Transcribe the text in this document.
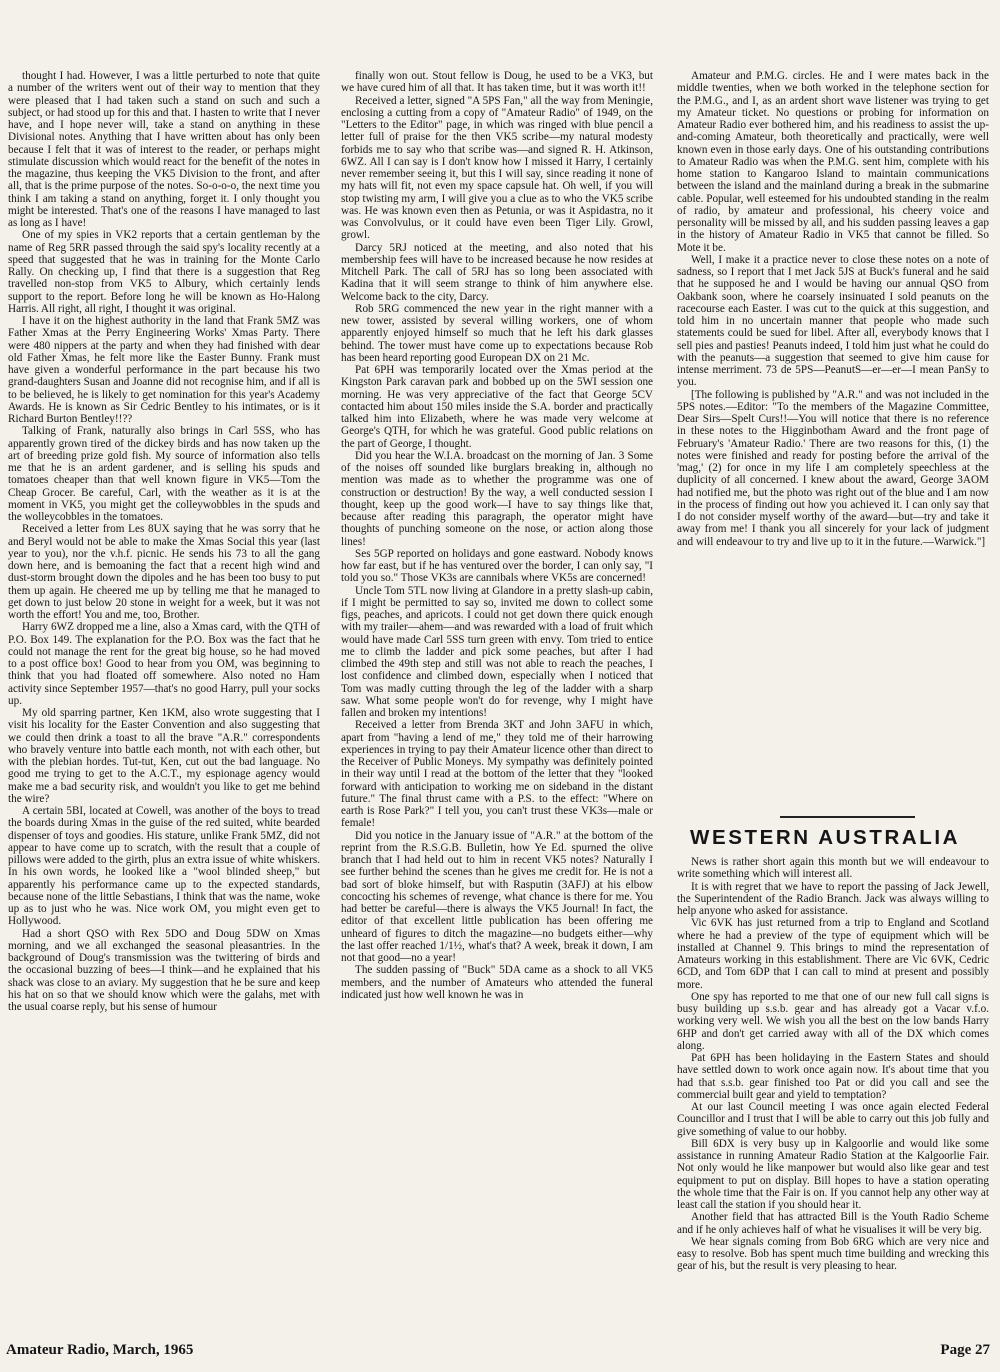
thought I had. However, I was a little perturbed to note that quite a number of the writers went out of their way to mention that they were pleased that I had taken such a stand on such and such a subject, or had stood up for this and that. I hasten to write that I never have, and I hope never will, take a stand on anything in these Divisional notes. Anything that I have written about has only been because I felt that it was of interest to the reader, or perhaps might stimulate discussion which would react for the benefit of the notes in the magazine, thus keeping the VK5 Division to the front, and after all, that is the prime purpose of the notes. So-o-o-o, the next time you think I am taking a stand on anything, forget it. I only thought you might be interested. That's one of the reasons I have managed to last as long as I have!

One of my spies in VK2 reports that a certain gentleman by the name of Reg 5RR passed through the said spy's locality recently at a speed that suggested that he was in training for the Monte Carlo Rally. On checking up, I find that there is a suggestion that Reg travelled non-stop from VK5 to Albury, which certainly lends support to the report. Before long he will be known as Ho-Halong Harris. All right, all right, I thought it was original.

I have it on the highest authority in the land that Frank 5MZ was Father Xmas at the Perry Engineering Works' Xmas Party. There were 480 nippers at the party and when they had finished with dear old Father Xmas, he felt more like the Easter Bunny. Frank must have given a wonderful performance in the part because his two grand-daughters Susan and Joanne did not recognise him, and if all is to be believed, he is likely to get nomination for this year's Academy Awards. He is known as Sir Cedric Bentley to his intimates, or is it Richard Burton Bentley!!??

Talking of Frank, naturally also brings in Carl 5SS, who has apparently grown tired of the dickey birds and has now taken up the art of breeding prize gold fish. My source of information also tells me that he is an ardent gardener, and is selling his spuds and tomatoes cheaper than that well known figure in VK5—Tom the Cheap Grocer. Be careful, Carl, with the weather as it is at the moment in VK5, you might get the colleywobbles in the spuds and the wolleycobbles in the tomatoes.

Received a letter from Les 8UX saying that he was sorry that he and Beryl would not be able to make the Xmas Social this year (last year to you), nor the v.h.f. picnic. He sends his 73 to all the gang down here, and is bemoaning the fact that a recent high wind and dust-storm brought down the dipoles and he has been too busy to put them up again. He cheered me up by telling me that he managed to get down to just below 20 stone in weight for a week, but it was not worth the effort! You and me, too, Brother.

Harry 6WZ dropped me a line, also a Xmas card, with the QTH of P.O. Box 149. The explanation for the P.O. Box was the fact that he could not manage the rent for the great big house, so he had moved to a post office box! Good to hear from you OM, was beginning to think that you had floated off somewhere. Also noted no Ham activity since September 1957—that's no good Harry, pull your socks up.

My old sparring partner, Ken 1KM, also wrote suggesting that I visit his locality for the Easter Convention and also suggesting that we could then drink a toast to all the brave "A.R." correspondents who bravely venture into battle each month, not with each other, but with the plebian hordes. Tut-tut, Ken, cut out the bad language. No good me trying to get to the A.C.T., my espionage agency would make me a bad security risk, and wouldn't you like to get me behind the wire?

A certain 5BI, located at Cowell, was another of the boys to tread the boards during Xmas in the guise of the red suited, white bearded dispenser of toys and goodies. His stature, unlike Frank 5MZ, did not appear to have come up to scratch, with the result that a couple of pillows were added to the girth, plus an extra issue of white whiskers. In his own words, he looked like a "wool blinded sheep," but apparently his performance came up to the expected standards, because none of the little Sebastians, I think that was the name, woke up as to just who he was. Nice work OM, you might even get to Hollywood.

Had a short QSO with Rex 5DO and Doug 5DW on Xmas morning, and we all exchanged the seasonal pleasantries. In the background of Doug's transmission was the twittering of birds and the occasional buzzing of bees—I think—and he explained that his shack was close to an aviary. My suggestion that he be sure and keep his hat on so that we should know which were the galahs, met with the usual coarse reply, but his sense of humour

finally won out. Stout fellow is Doug, he used to be a VK3, but we have cured him of all that. It has taken time, but it was worth it!!

Received a letter, signed "A 5PS Fan," all the way from Meningie, enclosing a cutting from a copy of "Amateur Radio" of 1949, on the "Letters to the Editor" page, in which was ringed with blue pencil a letter full of praise for the then VK5 scribe—my natural modesty forbids me to say who that scribe was—and signed R. H. Atkinson, 6WZ. All I can say is I don't know how I missed it Harry, I certainly never remember seeing it, but this I will say, since reading it none of my hats will fit, not even my space capsule hat. Oh well, if you will stop twisting my arm, I will give you a clue as to who the VK5 scribe was. He was known even then as Petunia, or was it Aspidastra, no it was Convolvulus, or it could have even been Tiger Lily. Growl, growl.

Darcy 5RJ noticed at the meeting, and also noted that his membership fees will have to be increased because he now resides at Mitchell Park. The call of 5RJ has so long been associated with Kadina that it will seem strange to think of him anywhere else. Welcome back to the city, Darcy.

Rob 5RG commenced the new year in the right manner with a new tower, assisted by several willing workers, one of whom apparently enjoyed himself so much that he left his dark glasses behind. The tower must have come up to expectations because Rob has been heard reporting good European DX on 21 Mc.

Pat 6PH was temporarily located over the Xmas period at the Kingston Park caravan park and bobbed up on the 5WI session one morning. He was very appreciative of the fact that George 5CV contacted him about 150 miles inside the S.A. border and practically talked him into Elizabeth, where he was made very welcome at George's QTH, for which he was grateful. Good public relations on the part of George, I thought.

Did you hear the W.I.A. broadcast on the morning of Jan. 3 Some of the noises off sounded like burglars breaking in, although no mention was made as to whether the programme was one of construction or destruction! By the way, a well conducted session I thought, keep up the good work—I have to say things like that, because after reading this paragraph, the operator might have thoughts of punching someone on the nose, or action along those lines!

Ses 5GP reported on holidays and gone eastward. Nobody knows how far east, but if he has ventured over the border, I can only say, "I told you so." Those VK3s are cannibals where VK5s are concerned!

Uncle Tom 5TL now living at Glandore in a pretty slash-up cabin, if I might be permitted to say so, invited me down to collect some figs, peaches, and apricots. I could not get down there quick enough with my trailer—ahem—and was rewarded with a load of fruit which would have made Carl 5SS turn green with envy. Tom tried to entice me to climb the ladder and pick some peaches, but after I had climbed the 49th step and still was not able to reach the peaches, I lost confidence and climbed down, especially when I noticed that Tom was madly cutting through the leg of the ladder with a sharp saw. What some people won't do for revenge, why I might have fallen and broken my intentions!

Received a letter from Brenda 3KT and John 3AFU in which, apart from "having a lend of me," they told me of their harrowing experiences in trying to pay their Amateur licence other than direct to the Receiver of Public Moneys. My sympathy was definitely pointed in their way until I read at the bottom of the letter that they "looked forward with anticipation to working me on sideband in the distant future." The final thrust came with a P.S. to the effect: "Where on earth is Rose Park?" I tell you, you can't trust these VK3s—male or female!

Did you notice in the January issue of "A.R." at the bottom of the reprint from the R.S.G.B. Bulletin, how Ye Ed. spurned the olive branch that I had held out to him in recent VK5 notes? Naturally I see further behind the scenes than he gives me credit for. He is not a bad sort of bloke himself, but with Rasputin (3AFJ) at his elbow concocting his schemes of revenge, what chance is there for me. You had better be careful—there is always the VK5 Journal! In fact, the editor of that excellent little publication has been offering me unheard of figures to ditch the magazine—no budgets either—why the last offer reached 1/1½, what's that? A week, break it down, I am not that good—no a year!

The sudden passing of "Buck" 5DA came as a shock to all VK5 members, and the number of Amateurs who attended the funeral indicated just how well known he was in

Amateur and P.M.G. circles. He and I were mates back in the middle twenties, when we both worked in the telephone section for the P.M.G., and I, as an ardent short wave listener was trying to get my Amateur ticket. No questions or probing for information on Amateur Radio ever bothered him, and his readiness to assist the up-and-coming Amateur, both theoretically and practically, were well known even in those early days. One of his outstanding contributions to Amateur Radio was when the P.M.G. sent him, complete with his home station to Kangaroo Island to maintain communications between the island and the mainland during a break in the submarine cable. Popular, well esteemed for his undoubted standing in the realm of radio, by amateur and professional, his cheery voice and personality will be missed by all, and his sudden passing leaves a gap in the history of Amateur Radio in VK5 that cannot be filled. So Mote it be.

Well, I make it a practice never to close these notes on a note of sadness, so I report that I met Jack 5JS at Buck's funeral and he said that he supposed he and I would be having our annual QSO from Oakbank soon, where he coarsely insinuated I sold peanuts on the racecourse each Easter. I was cut to the quick at this suggestion, and told him in no uncertain manner that people who made such statements could be sued for libel. After all, everybody knows that I sell pies and pasties! Peanuts indeed, I told him just what he could do with the peanuts—a suggestion that seemed to give him cause for intense merriment. 73 de 5PS—PeanutS—er—er—I mean PanSy to you.

[The following is published by "A.R." and was not included in the 5PS notes.—Editor: "To the members of the Magazine Committee, Dear Sirs—Spelt Curs!!—You will notice that there is no reference in these notes to the Higginbotham Award and the front page of February's 'Amateur Radio.' There are two reasons for this, (1) the notes were finished and ready for posting before the arrival of the 'mag,' (2) for once in my life I am completely speechless at the duplicity of all concerned. I knew about the award, George 3AOM had notified me, but the photo was right out of the blue and I am now in the process of finding out how you achieved it. I can only say that I do not consider myself worthy of the award—but—try and take it away from me! I thank you all sincerely for your lack of judgment and will endeavour to try and live up to it in the future.—Warwick."]

WESTERN AUSTRALIA

News is rather short again this month but we will endeavour to write something which will interest all.

It is with regret that we have to report the passing of Jack Jewell, the Superintendent of the Radio Branch. Jack was always willing to help anyone who asked for assistance.

Vic 6VK has just returned from a trip to England and Scotland where he had a preview of the type of equipment which will be installed at Channel 9. This brings to mind the representation of Amateurs working in this establishment. There are Vic 6VK, Cedric 6CD, and Tom 6DP that I can call to mind at present and possibly more.

One spy has reported to me that one of our new full call signs is busy building up s.s.b. gear and has already got a Vacar v.f.o. working very well. We wish you all the best on the low bands Harry 6HP and don't get carried away with all of the DX which comes along.

Pat 6PH has been holidaying in the Eastern States and should have settled down to work once again now. It's about time that you had that s.s.b. gear finished too Pat or did you call and see the commercial built gear and yield to temptation?

At our last Council meeting I was once again elected Federal Councillor and I trust that I will be able to carry out this job fully and give something of value to our hobby.

Bill 6DX is very busy up in Kalgoorlie and would like some assistance in running Amateur Radio Station at the Kalgoorlie Fair. Not only would he like manpower but would also like gear and test equipment to put on display. Bill hopes to have a station operating the whole time that the Fair is on. If you cannot help any other way at least call the station if you should hear it.

Another field that has attracted Bill is the Youth Radio Scheme and if he only achieves half of what he visualises it will be very big.

We hear signals coming from Bob 6RG which are very nice and easy to resolve. Bob has spent much time building and wrecking this gear of his, but the result is very pleasing to hear.

Amateur Radio, March, 1965	Page 27
